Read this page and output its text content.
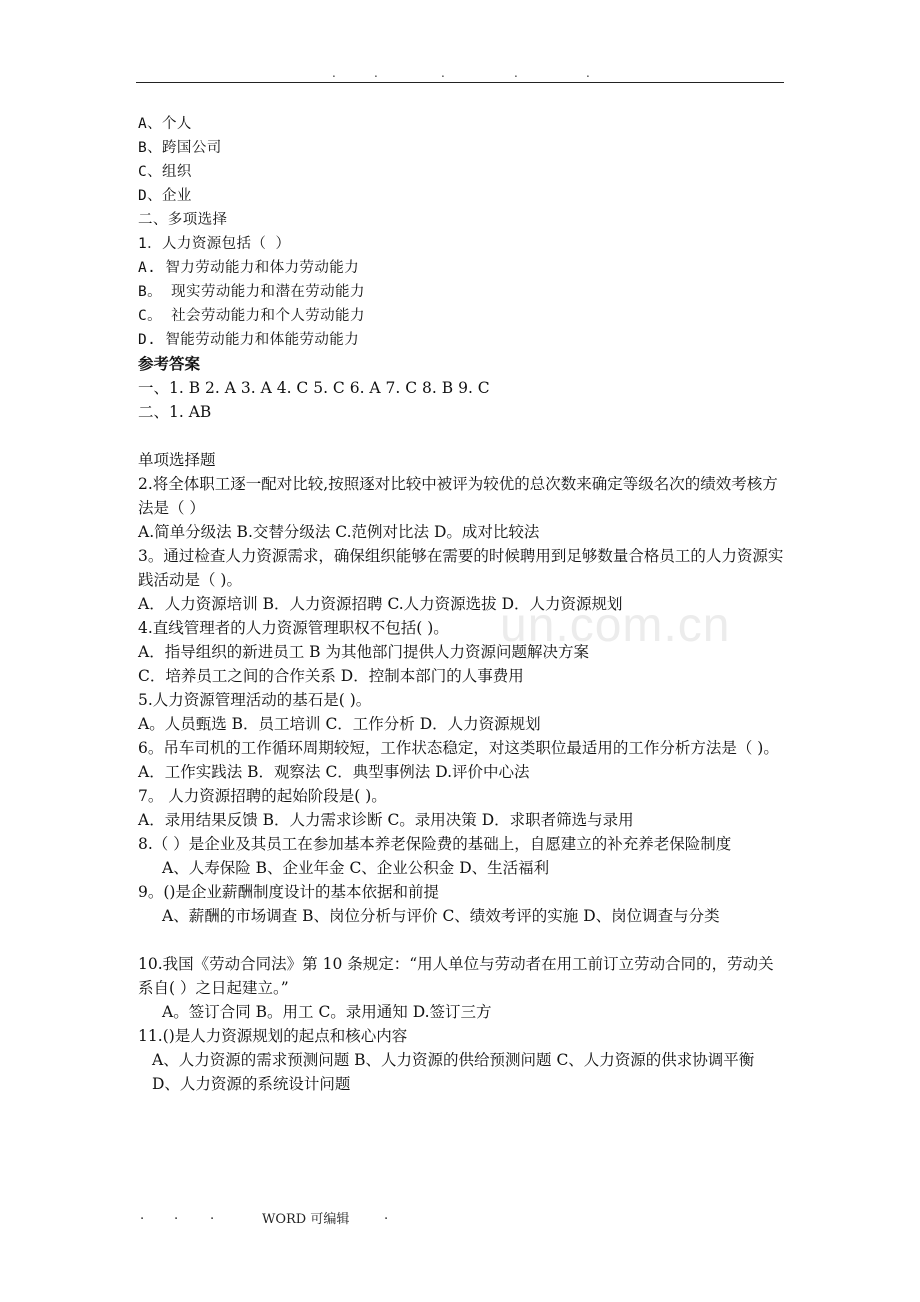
.	.	.	.	.
un.com.cn

A、个人

B、跨国公司

C、组织

D、企业

二、多项选择

1．人力资源包括（ ）

A. 智力劳动能力和体力劳动能力

B。 现实劳动能力和潜在劳动能力

C。 社会劳动能力和个人劳动能力

D. 智能劳动能力和体能劳动能力

参考答案

一、1. B 2. A 3. A 4. C 5. C 6. A 7. C 8. B 9. C

二、1. AB

单项选择题

2.将全体职工逐一配对比较,按照逐对比较中被评为较优的总次数来确定等级名次的绩效考核方法是（ ）

A.简单分级法 B.交替分级法 C.范例对比法 D。成对比较法

3。通过检查人力资源需求，确保组织能够在需要的时候聘用到足够数量合格员工的人力资源实践活动是（ )。

A．人力资源培训 B．人力资源招聘 C.人力资源选拔 D．人力资源规划

4.直线管理者的人力资源管理职权不包括( )。

A．指导组织的新进员工 B 为其他部门提供人力资源问题解决方案

C．培养员工之间的合作关系 D．控制本部门的人事费用

5.人力资源管理活动的基石是( )。

A。人员甄选 B．员工培训 C．工作分析 D．人力资源规划

6。吊车司机的工作循环周期较短，工作状态稳定，对这类职位最适用的工作分析方法是（ )。

A．工作实践法 B．观察法 C．典型事例法 D.评价中心法

7。 人力资源招聘的起始阶段是( )。

A．录用结果反馈 B．人力需求诊断 C。录用决策 D．求职者筛选与录用

8.（ ）是企业及其员工在参加基本养老保险费的基础上，自愿建立的补充养老保险制度

A、人寿保险 B、企业年金 C、企业公积金 D、生活福利

9。()是企业薪酬制度设计的基本依据和前提

A、薪酬的市场调查 B、岗位分析与评价 C、绩效考评的实施 D、岗位调查与分类

10.我国《劳动合同法》第 10 条规定：“用人单位与劳动者在用工前订立劳动合同的，劳动关系自( ）之日起建立。”

A。签订合同 B。用工 C。录用通知 D.签订三方

11.()是人力资源规划的起点和核心内容

A、人力资源的需求预测问题 B、人力资源的供给预测问题 C、人力资源的供求协调平衡 D、人力资源的系统设计问题

. . .	WORD 可编辑	.
